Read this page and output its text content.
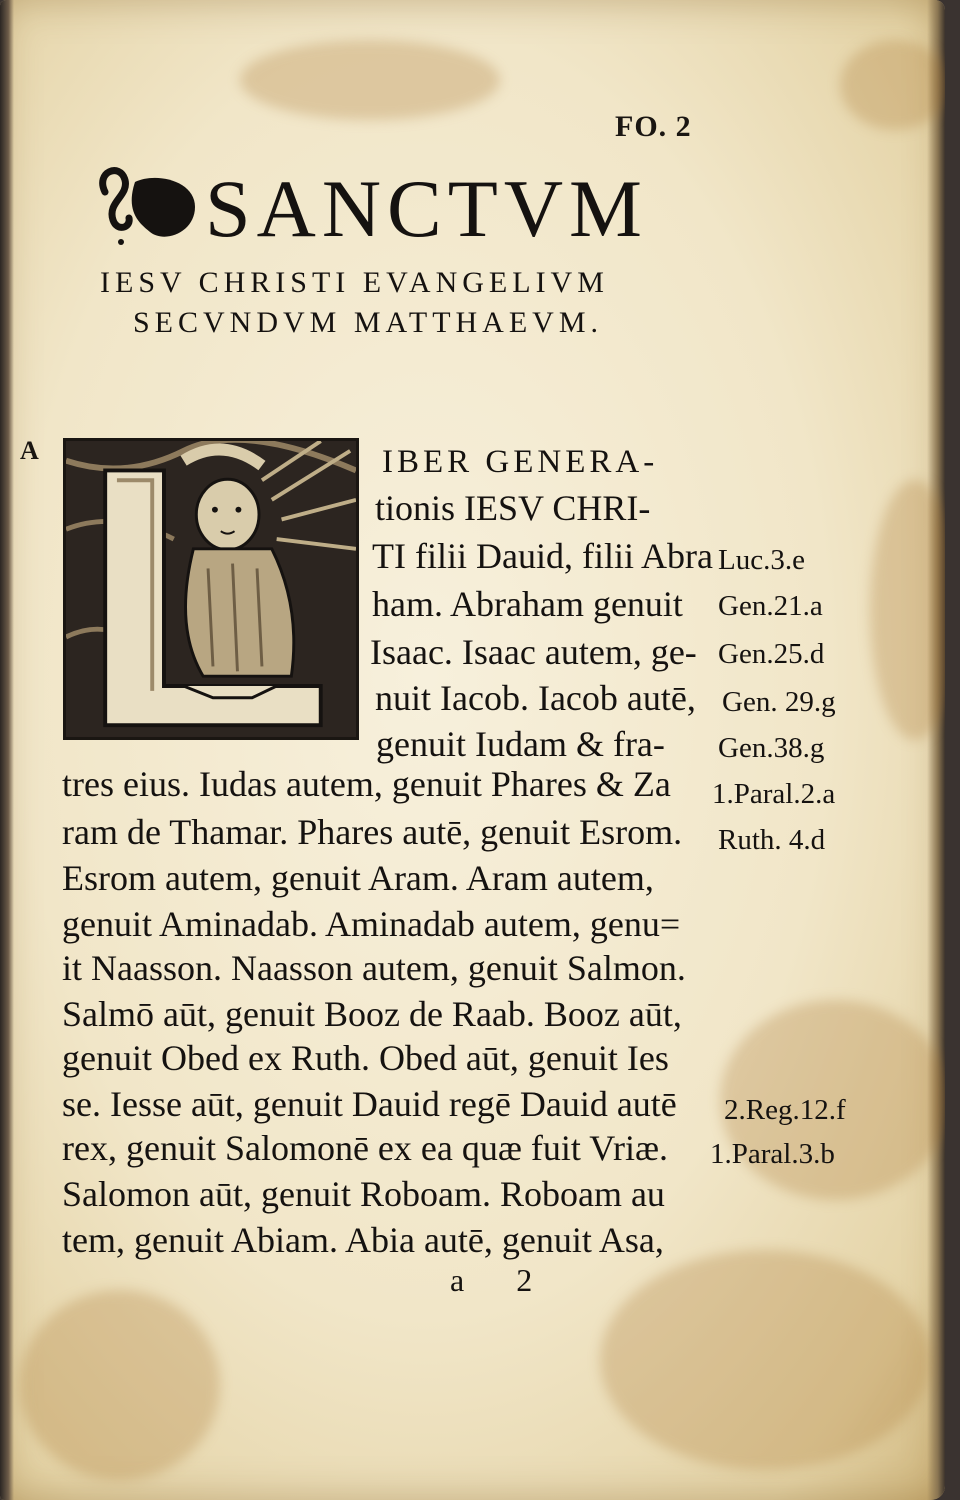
FO. 2
SANCTVM
IESV CHRISTI EVANGELIVM
SECVNDVM MATTHAEVM.
A	IBER GENERA-
tionis IESV CHRI-
TI filii Dauid, filii Abra
ham. Abraham genuit
Isaac. Isaac autem, ge-
nuit Iacob. Iacob autē,
genuit Iudam & fra-
tres eius. Iudas autem, genuit Phares & Za
ram de Thamar. Phares autē, genuit Esrom.
Esrom autem, genuit Aram. Aram autem,
genuit Aminadab. Aminadab autem, genu=
it Naasson. Naasson autem, genuit Salmon.
Salmō aūt, genuit Booz de Raab. Booz aūt,
genuit Obed ex Ruth. Obed aūt, genuit Ies
se. Iesse aūt, genuit Dauid regē Dauid autē
rex, genuit Salomonē ex ea quæ fuit Vriæ.
Salomon aūt, genuit Roboam. Roboam au
tem, genuit Abiam. Abia autē, genuit Asa,
Luc.3.e
Gen.21.a
Gen.25.d
Gen. 29.g
Gen.38.g
1.Paral.2.a
Ruth. 4.d
2.Reg.12.f
1.Paral.3.b
a 2
